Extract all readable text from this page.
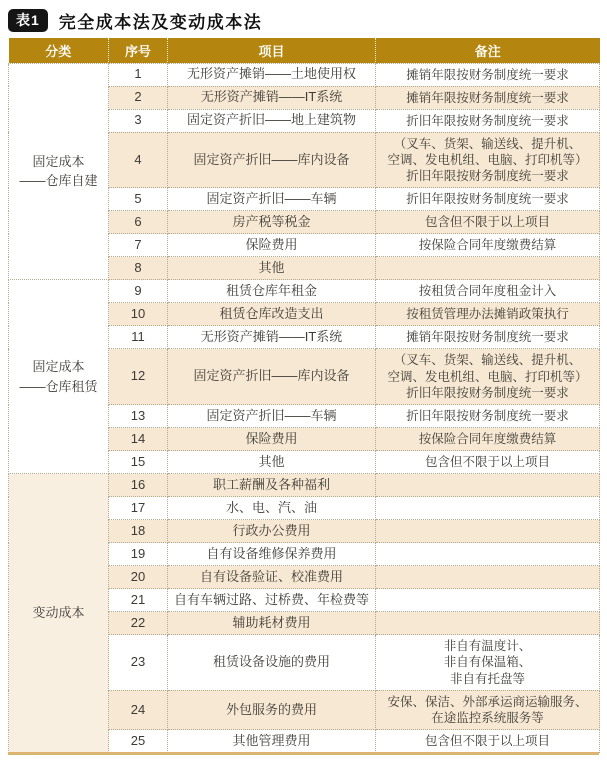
表1	完全成本法及变动成本法
分类	序号	项目	备注
固定成本
——仓库自建	1	无形资产摊销——土地使用权	摊销年限按财务制度统一要求
	2	无形资产摊销——IT系统	摊销年限按财务制度统一要求
	3	固定资产折旧——地上建筑物	折旧年限按财务制度统一要求
	4	固定资产折旧——库内设备	（叉车、货架、输送线、提升机、
空调、发电机组、电脑、打印机等）
折旧年限按财务制度统一要求
	5	固定资产折旧——车辆	折旧年限按财务制度统一要求
	6	房产税等税金	包含但不限于以上项目
	7	保险费用	按保险合同年度缴费结算
	8	其他	
固定成本
——仓库租赁	9	租赁仓库年租金	按租赁合同年度租金计入
	10	租赁仓库改造支出	按租赁管理办法摊销政策执行
	11	无形资产摊销——IT系统	摊销年限按财务制度统一要求
	12	固定资产折旧——库内设备	（叉车、货架、输送线、提升机、
空调、发电机组、电脑、打印机等）
折旧年限按财务制度统一要求
	13	固定资产折旧——车辆	折旧年限按财务制度统一要求
	14	保险费用	按保险合同年度缴费结算
	15	其他	包含但不限于以上项目
变动成本	16	职工薪酬及各种福利	
	17	水、电、汽、油	
	18	行政办公费用	
	19	自有设备维修保养费用	
	20	自有设备验证、校准费用	
	21	自有车辆过路、过桥费、年检费等	
	22	辅助耗材费用	
	23	租赁设备设施的费用	非自有温度计、
非自有保温箱、
非自有托盘等
	24	外包服务的费用	安保、保洁、外部承运商运输服务、
在途监控系统服务等
	25	其他管理费用	包含但不限于以上项目
